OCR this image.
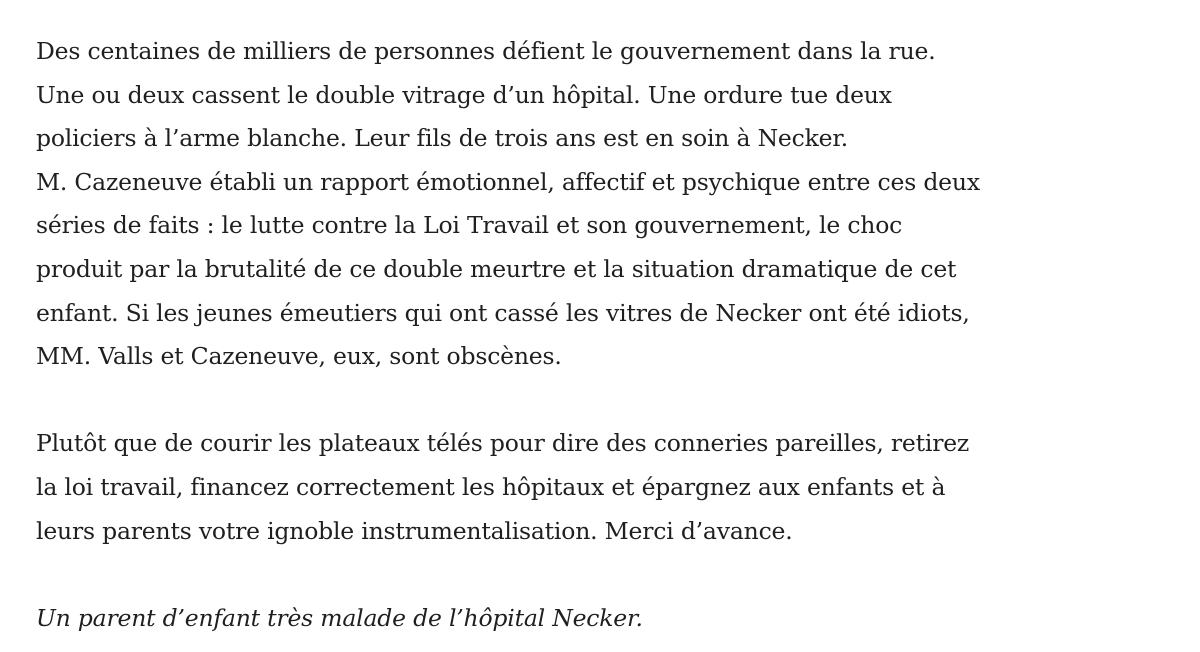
Des centaines de milliers de personnes défient le gouvernement dans la rue.
Une ou deux cassent le double vitrage d’un hôpital. Une ordure tue deux
policiers à l’arme blanche. Leur fils de trois ans est en soin à Necker.
M. Cazeneuve établi un rapport émotionnel, affectif et psychique entre ces deux
séries de faits : le lutte contre la Loi Travail et son gouvernement, le choc
produit par la brutalité de ce double meurtre et la situation dramatique de cet
enfant. Si les jeunes émeutiers qui ont cassé les vitres de Necker ont été idiots,
MM. Valls et Cazeneuve, eux, sont obscènes.

Plutôt que de courir les plateaux télés pour dire des conneries pareilles, retirez
la loi travail, financez correctement les hôpitaux et épargnez aux enfants et à
leurs parents votre ignoble instrumentalisation. Merci d’avance.

Un parent d’enfant très malade de l’hôpital Necker.
